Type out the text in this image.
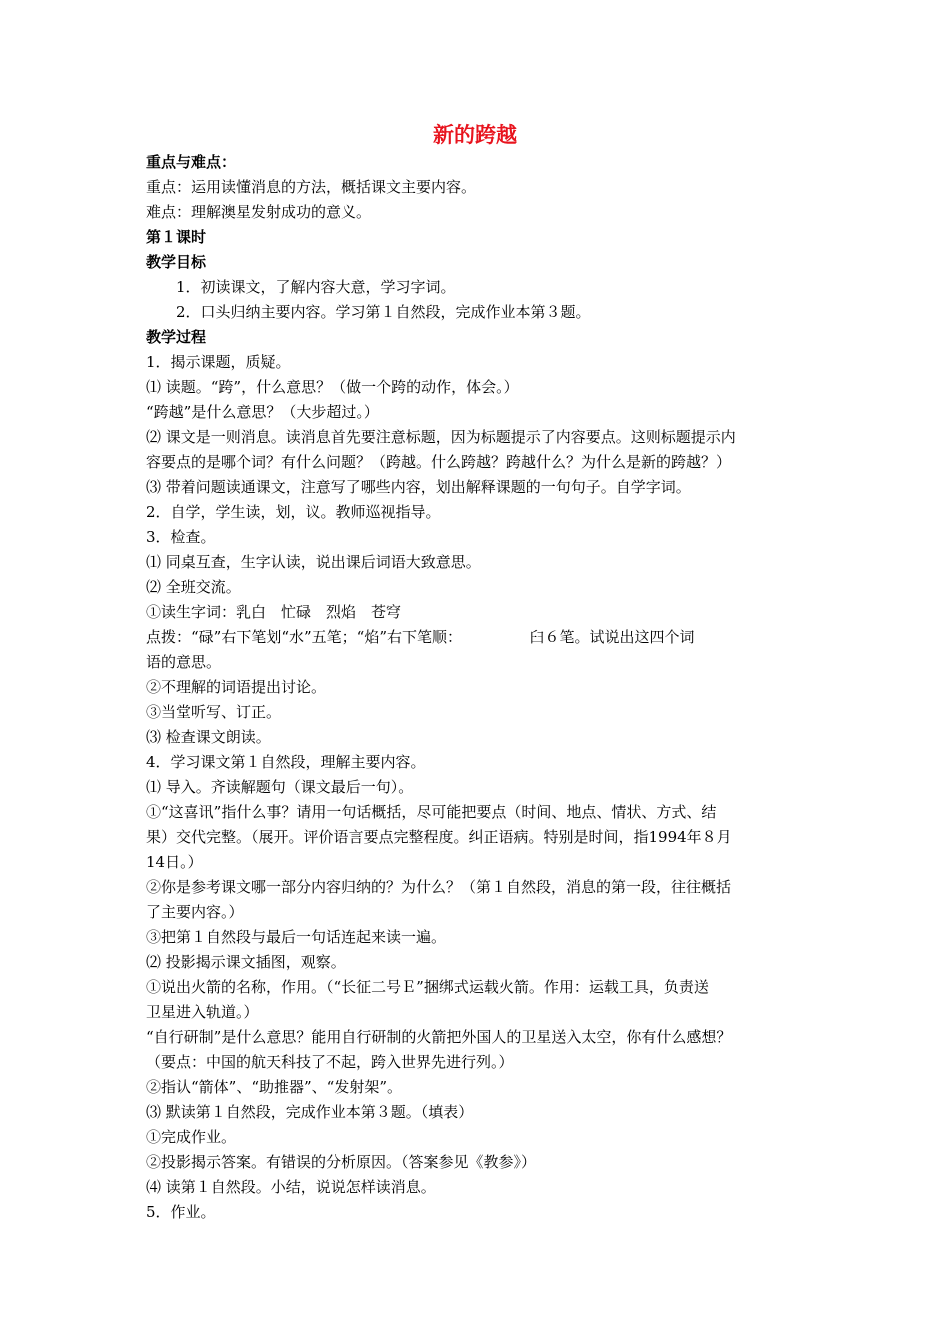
新的跨越
重点与难点：
重点：运用读懂消息的方法，概括课文主要内容。
难点：理解澳星发射成功的意义。
第１课时
教学目标
1．初读课文，了解内容大意，学习字词。
2．口头归纳主要内容。学习第１自然段，完成作业本第３题。
教学过程
1．揭示课题，质疑。
⑴ 读题。“跨”，什么意思？（做一个跨的动作，体会。）
“跨越”是什么意思？（大步超过。）
⑵ 课文是一则消息。读消息首先要注意标题，因为标题提示了内容要点。这则标题提示内
容要点的是哪个词？有什么问题？（跨越。什么跨越？跨越什么？为什么是新的跨越？）
⑶ 带着问题读通课文，注意写了哪些内容，划出解释课题的一句句子。自学字词。
2．自学，学生读，划，议。教师巡视指导。
3．检查。
⑴ 同桌互查，生字认读，说出课后词语大致意思。
⑵ 全班交流。
①读生字词：乳白　忙碌　烈焰　苍穹
点拨：“碌”右下笔划“水”五笔；“焰”右下笔顺：　　　　　臼６笔。试说出这四个词
语的意思。
②不理解的词语提出讨论。
③当堂听写、订正。
⑶ 检查课文朗读。
4．学习课文第１自然段，理解主要内容。
⑴ 导入。齐读解题句（课文最后一句）。
①“这喜讯”指什么事？请用一句话概括，尽可能把要点（时间、地点、情状、方式、结
果）交代完整。（展开。评价语言要点完整程度。纠正语病。特别是时间，指1994年８月
14日。）
②你是参考课文哪一部分内容归纳的？为什么？（第１自然段，消息的第一段，往往概括
了主要内容。）
③把第１自然段与最后一句话连起来读一遍。
⑵ 投影揭示课文插图，观察。
①说出火箭的名称，作用。（“长征二号Ｅ”捆绑式运载火箭。作用：运载工具，负责送
卫星进入轨道。）
“自行研制”是什么意思？能用自行研制的火箭把外国人的卫星送入太空，你有什么感想？
（要点：中国的航天科技了不起，跨入世界先进行列。）
②指认“箭体”、“助推器”、“发射架”。
⑶ 默读第１自然段，完成作业本第３题。（填表）
①完成作业。
②投影揭示答案。有错误的分析原因。（答案参见《教参》）
⑷ 读第１自然段。小结，说说怎样读消息。
5．作业。
